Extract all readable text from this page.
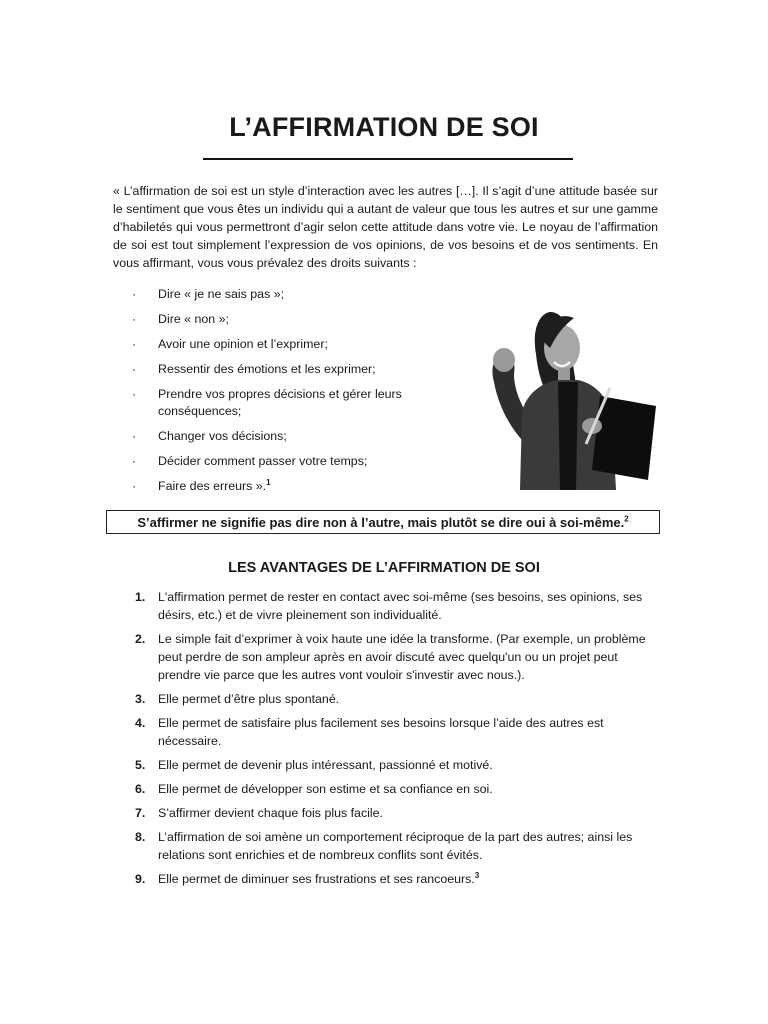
L’AFFIRMATION DE SOI
« L’affirmation de soi est un style d’interaction avec les autres […]. Il s’agit d’une attitude basée sur le sentiment que vous êtes un individu qui a autant de valeur que tous les autres et sur une gamme d’habiletés qui vous permettront d’agir selon cette attitude dans votre vie. Le noyau de l’affirmation de soi est tout simplement l’expression de vos opinions, de vos besoins et de vos sentiments. En vous affirmant, vous vous prévalez des droits suivants :
· Dire « je ne sais pas »;
· Dire « non »;
· Avoir une opinion et l’exprimer;
· Ressentir des émotions et les exprimer;
· Prendre vos propres décisions et gérer leurs conséquences;
· Changer vos décisions;
· Décider comment passer votre temps;
· Faire des erreurs ».$^1$
S’affirmer ne signifie pas dire non à l’autre, mais plutôt se dire oui à soi-même.$^2$
LES AVANTAGES DE L’AFFIRMATION DE SOI
1. L'affirmation permet de rester en contact avec soi-même (ses besoins, ses opinions, ses désirs, etc.) et de vivre pleinement son individualité.
2. Le simple fait d’exprimer à voix haute une idée la transforme. (Par exemple, un problème peut perdre de son ampleur après en avoir discuté avec quelqu'un ou un projet peut prendre vie parce que les autres vont vouloir s'investir avec nous.).
3. Elle permet d’être plus spontané.
4. Elle permet de satisfaire plus facilement ses besoins lorsque l’aide des autres est nécessaire.
5. Elle permet de devenir plus intéressant, passionné et motivé.
6. Elle permet de développer son estime et sa confiance en soi.
7. S’affirmer devient chaque fois plus facile.
8. L’affirmation de soi amène un comportement réciproque de la part des autres; ainsi les relations sont enrichies et de nombreux conflits sont évités.
9. Elle permet de diminuer ses frustrations et ses rancoeurs.$^3$
